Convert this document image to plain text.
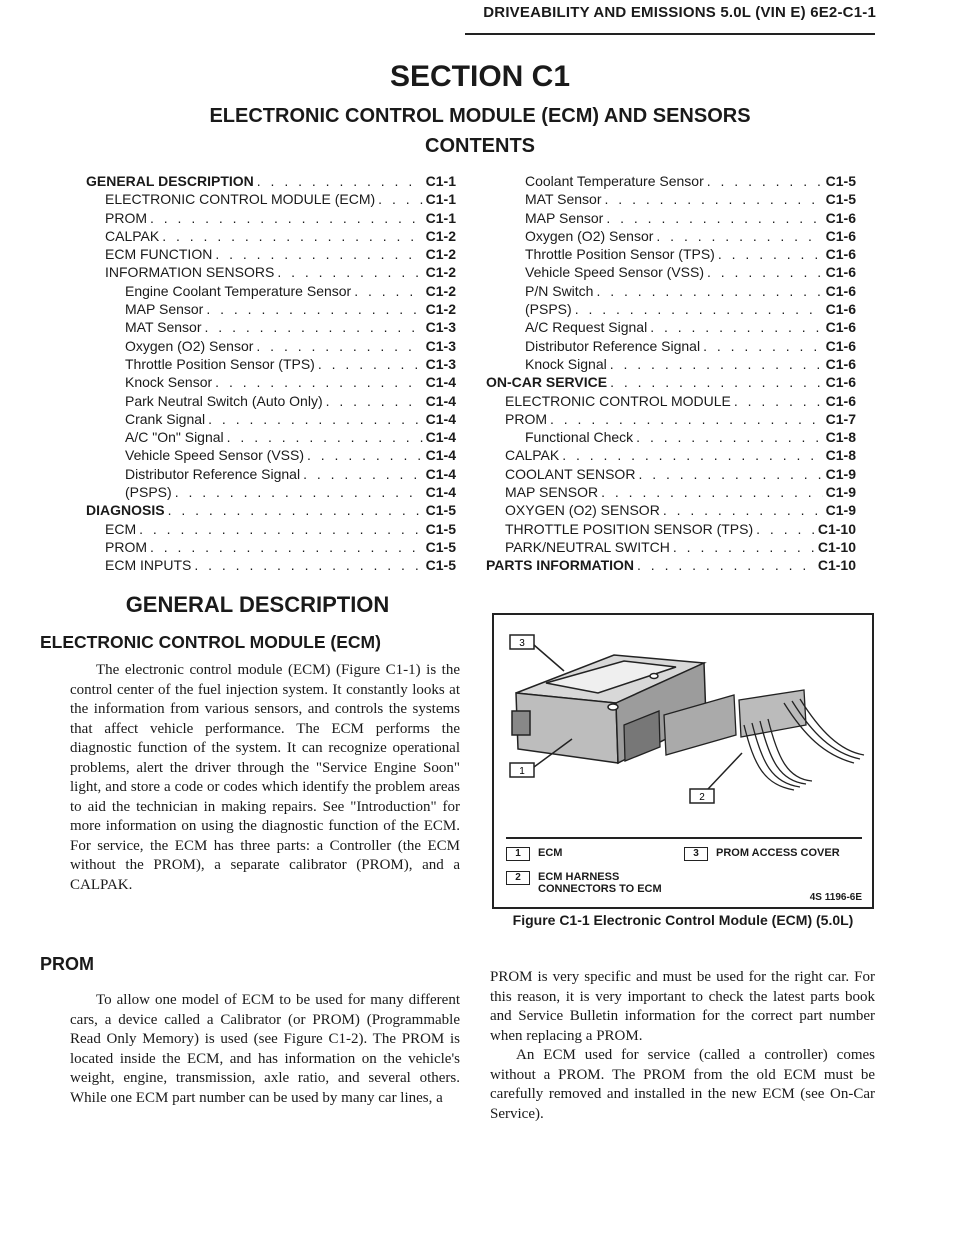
DRIVEABILITY AND EMISSIONS 5.0L (VIN E) 6E2-C1-1
SECTION C1
ELECTRONIC CONTROL MODULE (ECM) AND SENSORS
CONTENTS
GENERAL DESCRIPTION . . .	C1-1
ELECTRONIC CONTROL MODULE (ECM) . . .	C1-1
PROM . . .	C1-1
CALPAK . . .	C1-2
ECM FUNCTION . . .	C1-2
INFORMATION SENSORS . . .	C1-2
Engine Coolant Temperature Sensor . . .	C1-2
MAP Sensor . . .	C1-2
MAT Sensor . . .	C1-3
Oxygen (O2) Sensor . . .	C1-3
Throttle Position Sensor (TPS) . . .	C1-3
Knock Sensor . . .	C1-4
Park Neutral Switch (Auto Only) . . .	C1-4
Crank Signal . . .	C1-4
A/C "On" Signal . . .	C1-4
Vehicle Speed Sensor (VSS) . . .	C1-4
Distributor Reference Signal . . .	C1-4
(PSPS) . . .	C1-4
DIAGNOSIS . . .	C1-5
ECM . . .	C1-5
PROM . . .	C1-5
ECM INPUTS . . .	C1-5
Coolant Temperature Sensor . . .	C1-5
MAT Sensor . . .	C1-5
MAP Sensor . . .	C1-6
Oxygen (O2) Sensor . . .	C1-6
Throttle Position Sensor (TPS) . . .	C1-6
Vehicle Speed Sensor (VSS) . . .	C1-6
P/N Switch . . .	C1-6
(PSPS) . . .	C1-6
A/C Request Signal . . .	C1-6
Distributor Reference Signal . . .	C1-6
Knock Signal . . .	C1-6
ON-CAR SERVICE . . .	C1-6
ELECTRONIC CONTROL MODULE . . .	C1-6
PROM . . .	C1-7
Functional Check . . .	C1-8
CALPAK . . .	C1-8
COOLANT SENSOR . . .	C1-9
MAP SENSOR . . .	C1-9
OXYGEN (O2) SENSOR . . .	C1-9
THROTTLE POSITION SENSOR (TPS) . . .	C1-10
PARK/NEUTRAL SWITCH . . .	C1-10
PARTS INFORMATION . . .	C1-10
GENERAL DESCRIPTION
ELECTRONIC CONTROL MODULE (ECM)

The electronic control module (ECM) (Figure C1-1) is the control center of the fuel injection system. It constantly looks at the information from various sensors, and controls the systems that affect vehicle performance. The ECM performs the diagnostic function of the system. It can recognize operational problems, alert the driver through the "Service Engine Soon" light, and store a code or codes which identify the problem areas to aid the technician in making repairs. See "Introduction" for more information on using the diagnostic function of the ECM. For service, the ECM has three parts: a Controller (the ECM without the PROM), a separate calibrator (PROM), and a CALPAK.

PROM

To allow one model of ECM to be used for many different cars, a device called a Calibrator (or PROM) (Programmable Read Only Memory) is used (see Figure C1-2). The PROM is located inside the ECM, and has information on the vehicle's weight, engine, transmission, axle ratio, and several others. While one ECM part number can be used by many car lines, a

PROM is very specific and must be used for the right car. For this reason, it is very important to check the latest parts book and Service Bulletin information for the correct part number when replacing a PROM.

An ECM used for service (called a controller) comes without a PROM. The PROM from the old ECM must be carefully removed and installed in the new ECM (see On-Car Service).

3
1
2
1	ECM	3	PROM ACCESS COVER
2	ECM HARNESS
CONNECTORS TO ECM
4S 1196-6E
Figure C1-1 Electronic Control Module (ECM) (5.0L)
